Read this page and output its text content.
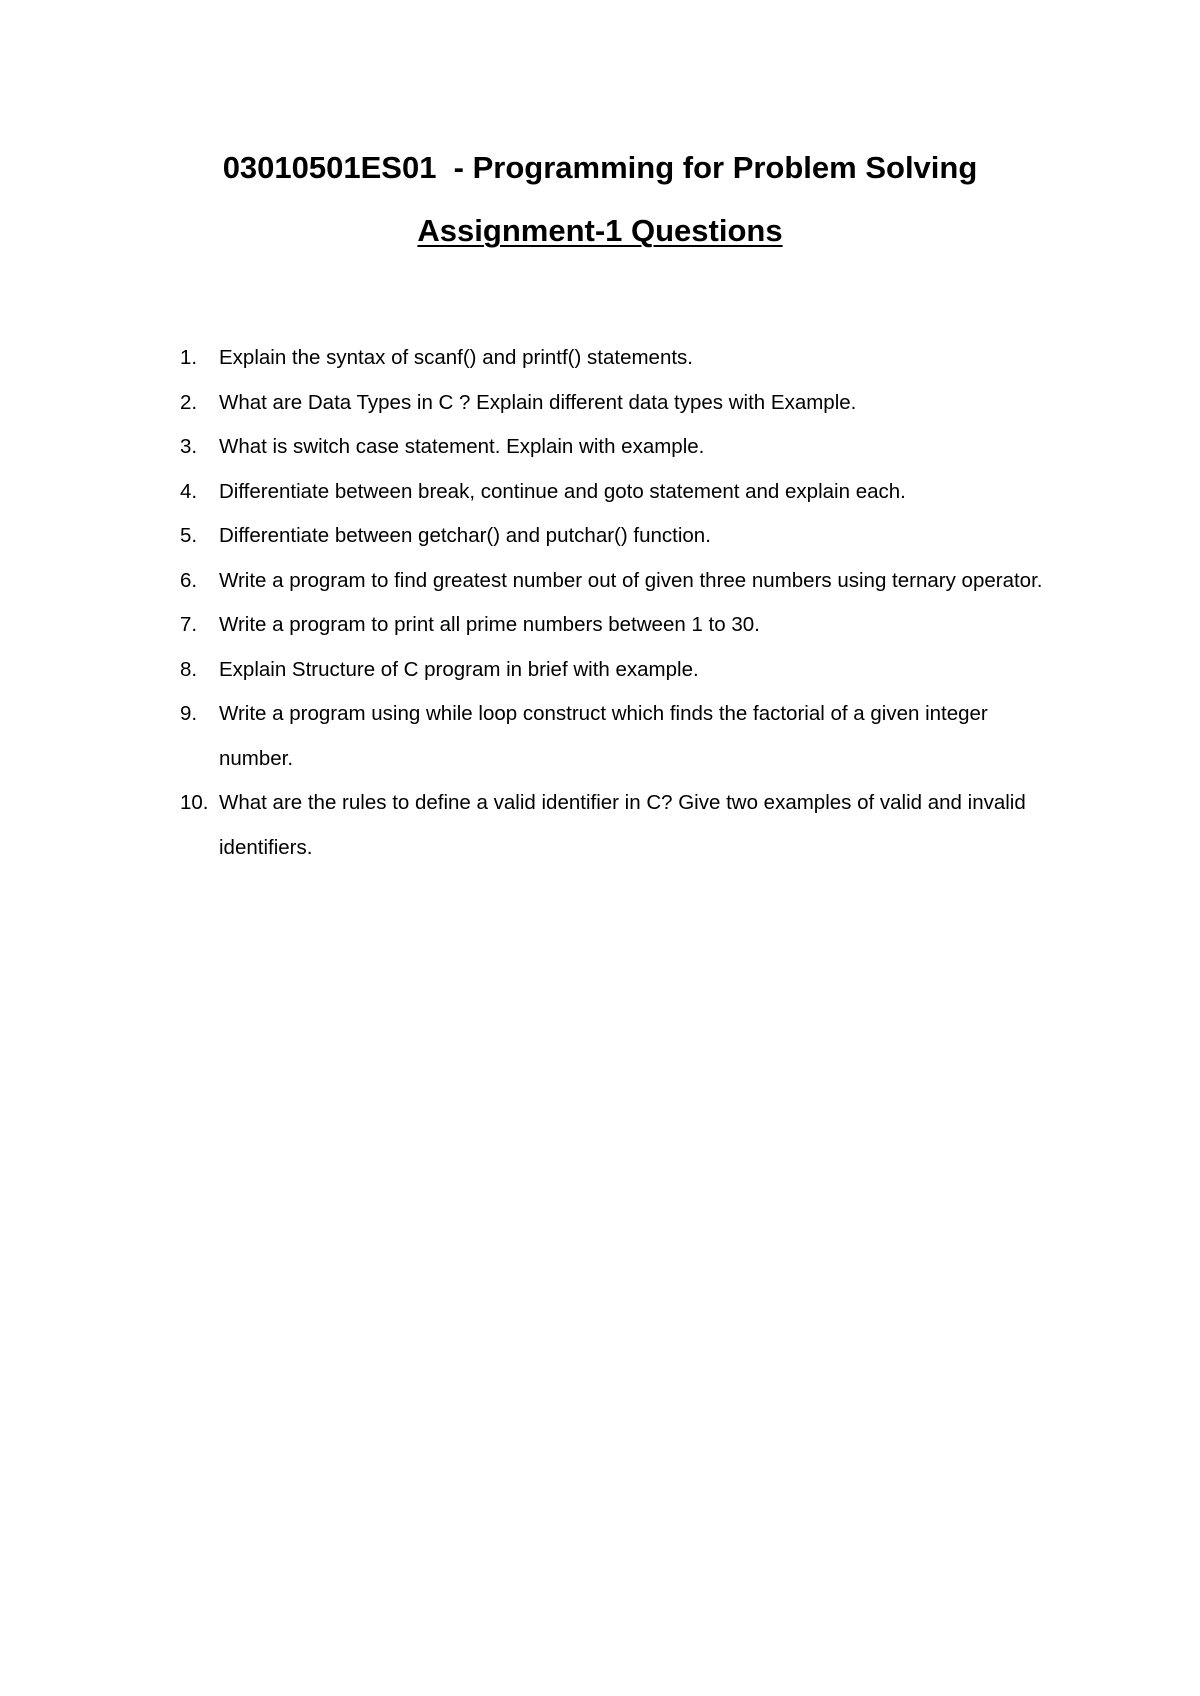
03010501ES01  - Programming for Problem Solving
Assignment-1 Questions
1.	Explain the syntax of scanf() and printf() statements.
2.	What are Data Types in C ? Explain different data types with Example.
3.	What is switch case statement. Explain with example.
4.	Differentiate between break, continue and goto statement and explain each.
5.	Differentiate between getchar() and putchar() function.
6.	Write a program to find greatest number out of given three numbers using ternary operator.
7.	Write a program to print all prime numbers between 1 to 30.
8.	Explain Structure of C program in brief with example.
9.	Write a program using while loop construct which finds the factorial of a given integer number.
10. What are the rules to define a valid identifier in C? Give two examples of valid and invalid identifiers.
